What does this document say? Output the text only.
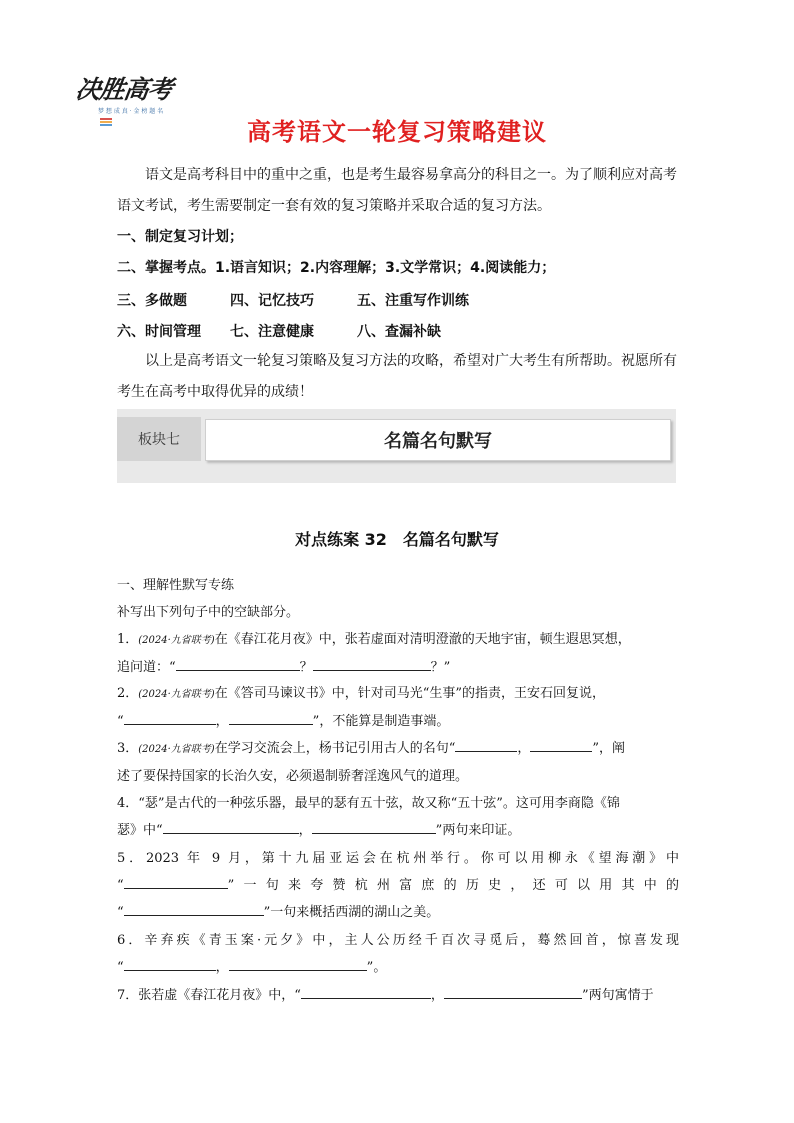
决胜高考
梦 想 成 真 · 金 榜 题 名
高考语文一轮复习策略建议
语文是高考科目中的重中之重，也是考生最容易拿高分的科目之一。为了顺利应对高考语文考试，考生需要制定一套有效的复习策略并采取合适的复习方法。
一、制定复习计划；
二、掌握考点。1.语言知识；2.内容理解；3.文学常识；4.阅读能力；
三、多做题	四、记忆技巧	五、注重写作训练
六、时间管理 七、注意健康	八、查漏补缺
以上是高考语文一轮复习策略及复习方法的攻略，希望对广大考生有所帮助。祝愿所有考生在高考中取得优异的成绩！
板块七	名篇名句默写
对点练案 32　名篇名句默写
一、理解性默写专练
补写出下列句子中的空缺部分。
1．(2024·九省联考)在《春江花月夜》中，张若虚面对清明澄澈的天地宇宙，顿生遐思冥想，
追问道：“	？	？”
2．(2024·九省联考)在《答司马谏议书》中，针对司马光“生事”的指责，王安石回复说，
“	，	”，不能算是制造事端。
3．(2024·九省联考)在学习交流会上，杨书记引用古人的名句“	，	”，阐
述了要保持国家的长治久安，必须遏制骄奢淫逸风气的道理。
4．“瑟”是古代的一种弦乐器，最早的瑟有五十弦，故又称“五十弦”。这可用李商隐《锦
瑟》中“	，	”两句来印证。
5．2023 年 9 月，第十九届亚运会在杭州举行。你可以用柳永《望海潮》中
“	”一句来夸赞杭州富庶的历史，还可以用其中的
“	”一句来概括西湖的湖山之美。
6．辛弃疾《青玉案·元夕》中，主人公历经千百次寻觅后，蓦然回首，惊喜发现
“	，	”。
7．张若虚《春江花月夜》中，“	，	”两句寓情于
